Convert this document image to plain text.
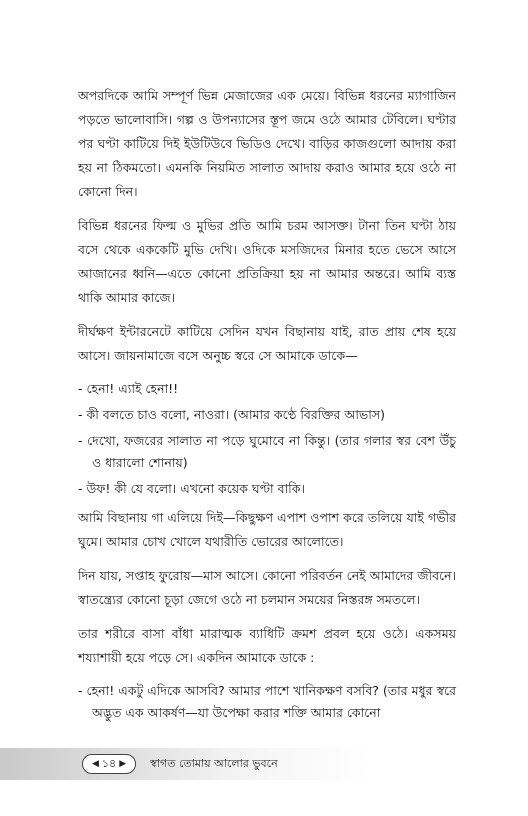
অপরদিকে আমি সম্পূর্ণ ভিন্ন মেজাজের এক মেয়ে। বিভিন্ন ধরনের ম্যাগাজিন পড়তে ভালোবাসি। গল্প ও উপন্যাসের স্তূপ জমে ওঠে আমার টেবিলে। ঘণ্টার পর ঘণ্টা কাটিয়ে দিই ইউটিউবে ভিডিও দেখে। বাড়ির কাজগুলো আদায় করা হয় না ঠিকমতো। এমনকি নিয়মিত সালাত আদায় করাও আমার হয়ে ওঠে না কোনো দিন।

বিভিন্ন ধরনের ফিল্ম ও মুভির প্রতি আমি চরম আসক্ত। টানা তিন ঘণ্টা ঠায় বসে থেকে এককেটি মুভি দেখি। ওদিকে মসজিদের মিনার হতে ভেসে আসে আজানের ধ্বনি—এতে কোনো প্রতিক্রিয়া হয় না আমার অন্তরে। আমি ব্যস্ত থাকি আমার কাজে।

দীর্ঘক্ষণ ইন্টারনেটে কাটিয়ে সেদিন যখন বিছানায় যাই, রাত প্রায় শেষ হয়ে আসে। জায়নামাজে বসে অনুচ্চ স্বরে সে আমাকে ডাকে—

- হেনা! এ্যাই হেনা!!

- কী বলতে চাও বলো, নাওরা। (আমার কণ্ঠে বিরক্তির আভাস)

- দেখো, ফজরের সালাত না পড়ে ঘুমোবে না কিন্তু। (তার গলার স্বর বেশ উঁচু ও ধারালো শোনায়)

- উফ! কী যে বলো। এখনো কয়েক ঘণ্টা বাকি।

আমি বিছানায় গা এলিয়ে দিই—কিছুক্ষণ এপাশ ওপাশ করে তলিয়ে যাই গভীর ঘুমে। আমার চোখ খোলে যথারীতি ভোরের আলোতে।

দিন যায়, সপ্তাহ ফুরোয়—মাস আসে। কোনো পরিবর্তন নেই আমাদের জীবনে। স্বাতন্ত্র্যের কোনো চূড়া জেগে ওঠে না চলমান সময়ের নিস্তরঙ্গ সমতলে।

তার শরীরে বাসা বাঁধা মারাত্মক ব্যাধিটি ক্রমশ প্রবল হয়ে ওঠে। একসময় শয্যাশায়ী হয়ে পড়ে সে। একদিন আমাকে ডাকে :

- হেনা! একটু এদিকে আসবি? আমার পাশে খানিকক্ষণ বসবি? (তার মধুর স্বরে অদ্ভুত এক আকর্ষণ—যা উপেক্ষা করার শক্তি আমার কোনো

◀ ১৪ ▶ স্বাগত তোমায় আলোর ভুবনে
